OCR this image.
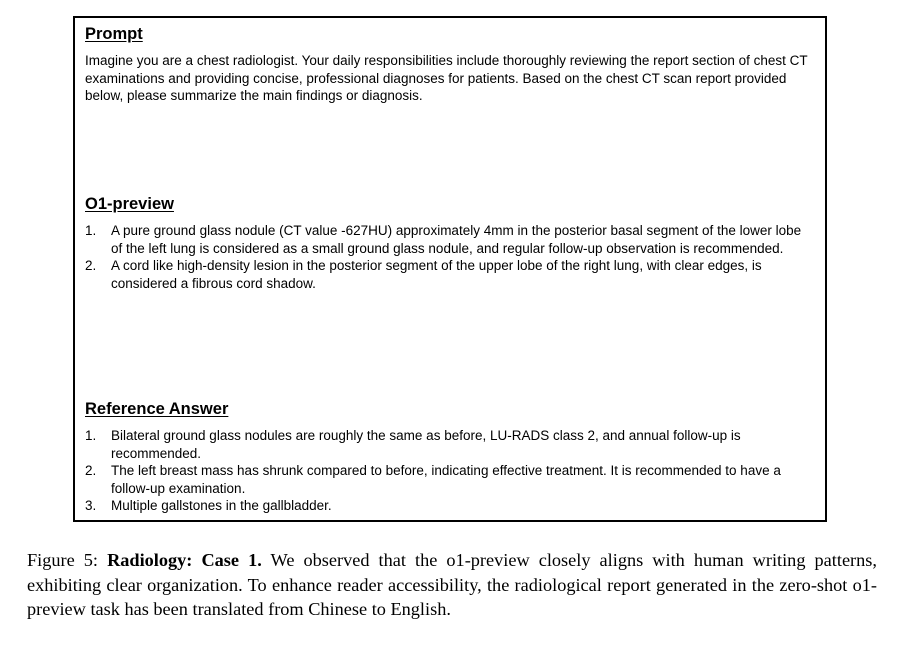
Prompt

Imagine you are a chest radiologist. Your daily responsibilities include thoroughly reviewing the report section of chest CT examinations and providing concise, professional diagnoses for patients. Based on the chest CT scan report provided below, please summarize the main findings or diagnosis.

O1-preview
1. A pure ground glass nodule (CT value -627HU) approximately 4mm in the posterior basal segment of the lower lobe of the left lung is considered as a small ground glass nodule, and regular follow-up observation is recommended.
2. A cord like high-density lesion in the posterior segment of the upper lobe of the right lung, with clear edges, is considered a fibrous cord shadow.
Reference Answer
1. Bilateral ground glass nodules are roughly the same as before, LU-RADS class 2, and annual follow-up is recommended.
2. The left breast mass has shrunk compared to before, indicating effective treatment. It is recommended to have a follow-up examination.
3. Multiple gallstones in the gallbladder.
Figure 5: Radiology: Case 1. We observed that the o1-preview closely aligns with human writing patterns, exhibiting clear organization. To enhance reader accessibility, the radiological report generated in the zero-shot o1-preview task has been translated from Chinese to English.
